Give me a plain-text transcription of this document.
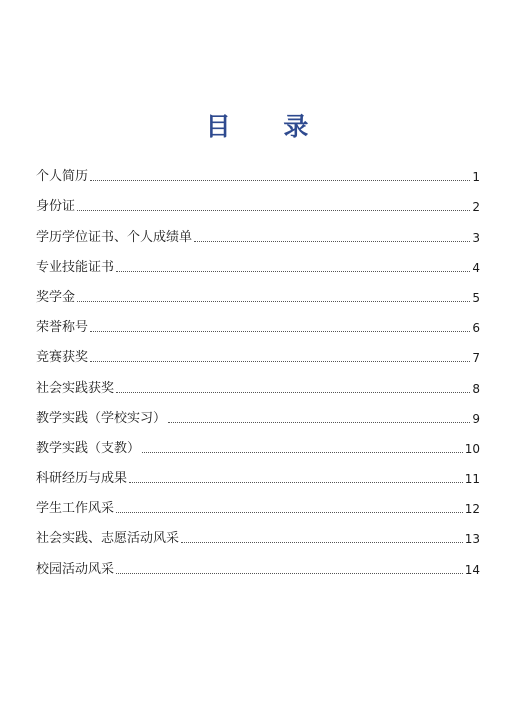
目 录
个人简历	1
身份证	2
学历学位证书、个人成绩单	3
专业技能证书	4
奖学金	5
荣誉称号	6
竞赛获奖	7
社会实践获奖	8
教学实践（学校实习）	9
教学实践（支教）	10
科研经历与成果	11
学生工作风采	12
社会实践、志愿活动风采	13
校园活动风采	14
